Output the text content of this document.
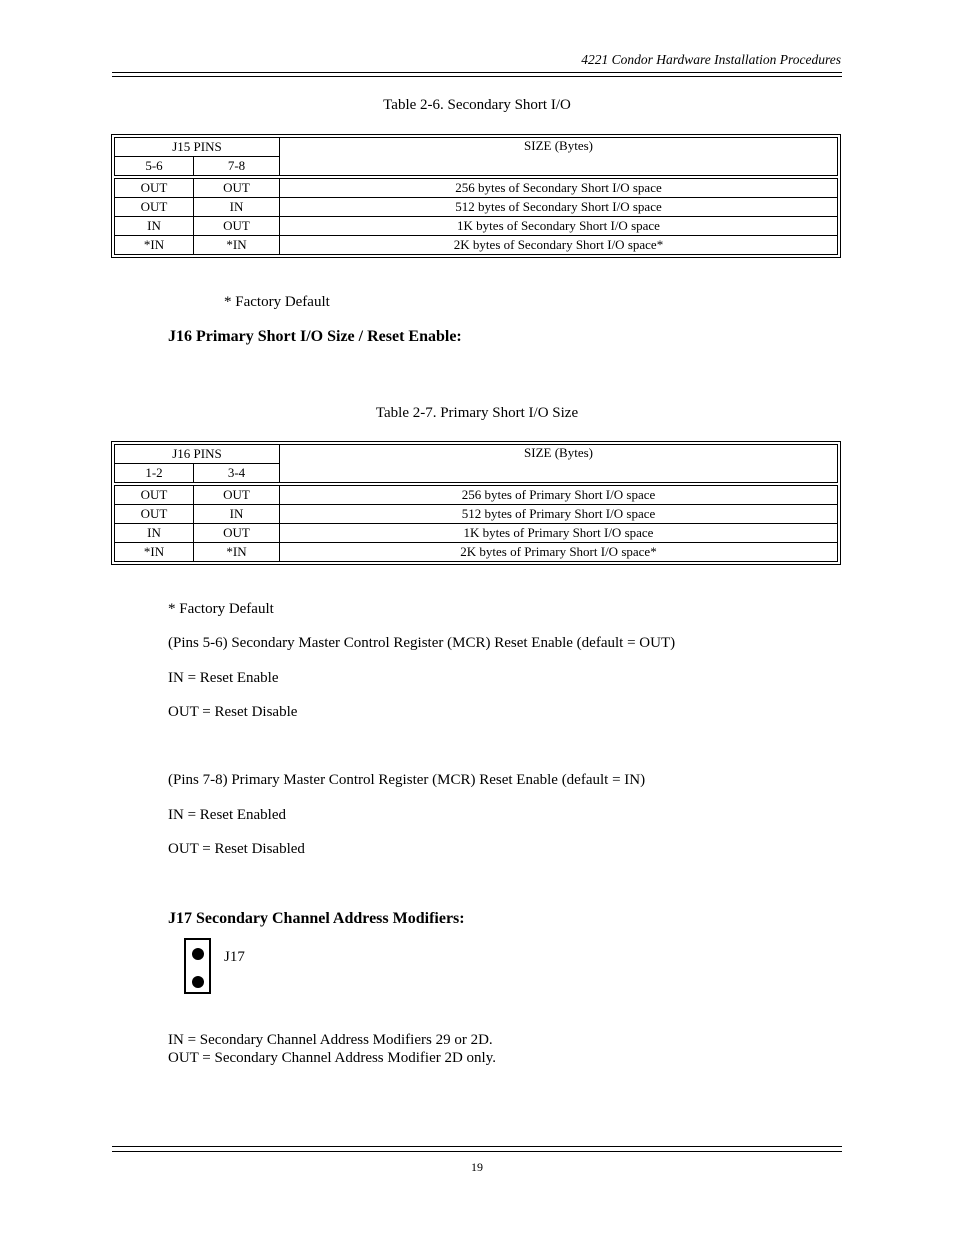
4221 Condor Hardware Installation Procedures
Table 2-6. Secondary Short I/O
J15 PINS		SIZE (Bytes)
5-6	7-8	

OUT	OUT	256 bytes of Secondary Short I/O space
OUT	IN	512 bytes of Secondary Short I/O space
IN	OUT	1K bytes of Secondary Short I/O space
*IN	*IN	2K bytes of Secondary Short I/O space*
* Factory Default
J16 Primary Short I/O Size / Reset Enable:
Table 2-7. Primary Short I/O Size
J16 PINS		SIZE (Bytes)
1-2	3-4	

OUT	OUT	256 bytes of Primary Short I/O space
OUT	IN	512 bytes of Primary Short I/O space
IN	OUT	1K bytes of Primary Short I/O space
*IN	*IN	2K bytes of Primary Short I/O space*
* Factory Default
(Pins 5-6) Secondary Master Control Register (MCR) Reset Enable (default = OUT)
IN = Reset Enable
OUT = Reset Disable
(Pins 7-8) Primary Master Control Register (MCR) Reset Enable (default = IN)
IN = Reset Enabled
OUT = Reset Disabled
J17 Secondary Channel Address Modifiers:
J17
IN = Secondary Channel Address Modifiers 29 or 2D.
OUT = Secondary Channel Address Modifier 2D only.
19
